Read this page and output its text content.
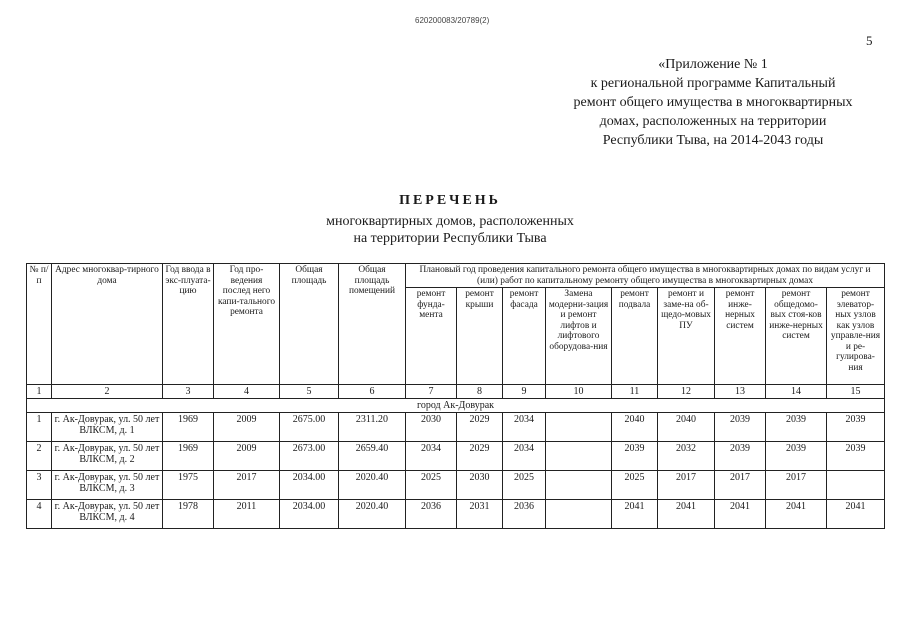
620200083/20789(2)
5
«Приложение № 1
к региональной программе Капитальный
ремонт общего имущества в многоквартирных
домах, расположенных на территории
Республики Тыва, на 2014-2043 годы
ПЕРЕЧЕНЬ
многоквартирных домов, расположенных
на территории Республики Тыва
№ п/п	Адрес многоквар-тирного дома	Год ввода в экс-плуата-цию	Год про-ведения послед него капи-тального ремонта	Общая площадь	Общая площадь помещений	Плановый год проведения капитального ремонта общего имущества в многоквартирных домах по видам услуг и (или) работ по капитальному ремонту общего имущества в многоквартирных домах								
						ремонт фунда-мента	ремонт крыши	ремонт фасада	Замена модерни-зация и ремонт лифтов и лифтового оборудова-ния	ремонт подвала	ремонт и заме-на об-щедо-мовых ПУ	ремонт инже-нерных систем	ремонт общедомо-вых стоя-ков инже-нерных систем	ремонт элеватор-ных узлов как узлов управле-ния и ре-гулирова-ния
1	2	3	4	5	6	7	8	9	10	11	12	13	14	15
город Ак-Довурак														
1	г. Ак-Довурак, ул. 50 лет ВЛКСМ, д. 1	1969	2009	2675.00	2311.20	2030	2029	2034		2040	2040	2039	2039	2039
2	г. Ак-Довурак, ул. 50 лет ВЛКСМ, д. 2	1969	2009	2673.00	2659.40	2034	2029	2034		2039	2032	2039	2039	2039
3	г. Ак-Довурак, ул. 50 лет ВЛКСМ, д. 3	1975	2017	2034.00	2020.40	2025	2030	2025		2025	2017	2017	2017	
4	г. Ак-Довурак, ул. 50 лет ВЛКСМ, д. 4	1978	2011	2034.00	2020.40	2036	2031	2036		2041	2041	2041	2041	2041
